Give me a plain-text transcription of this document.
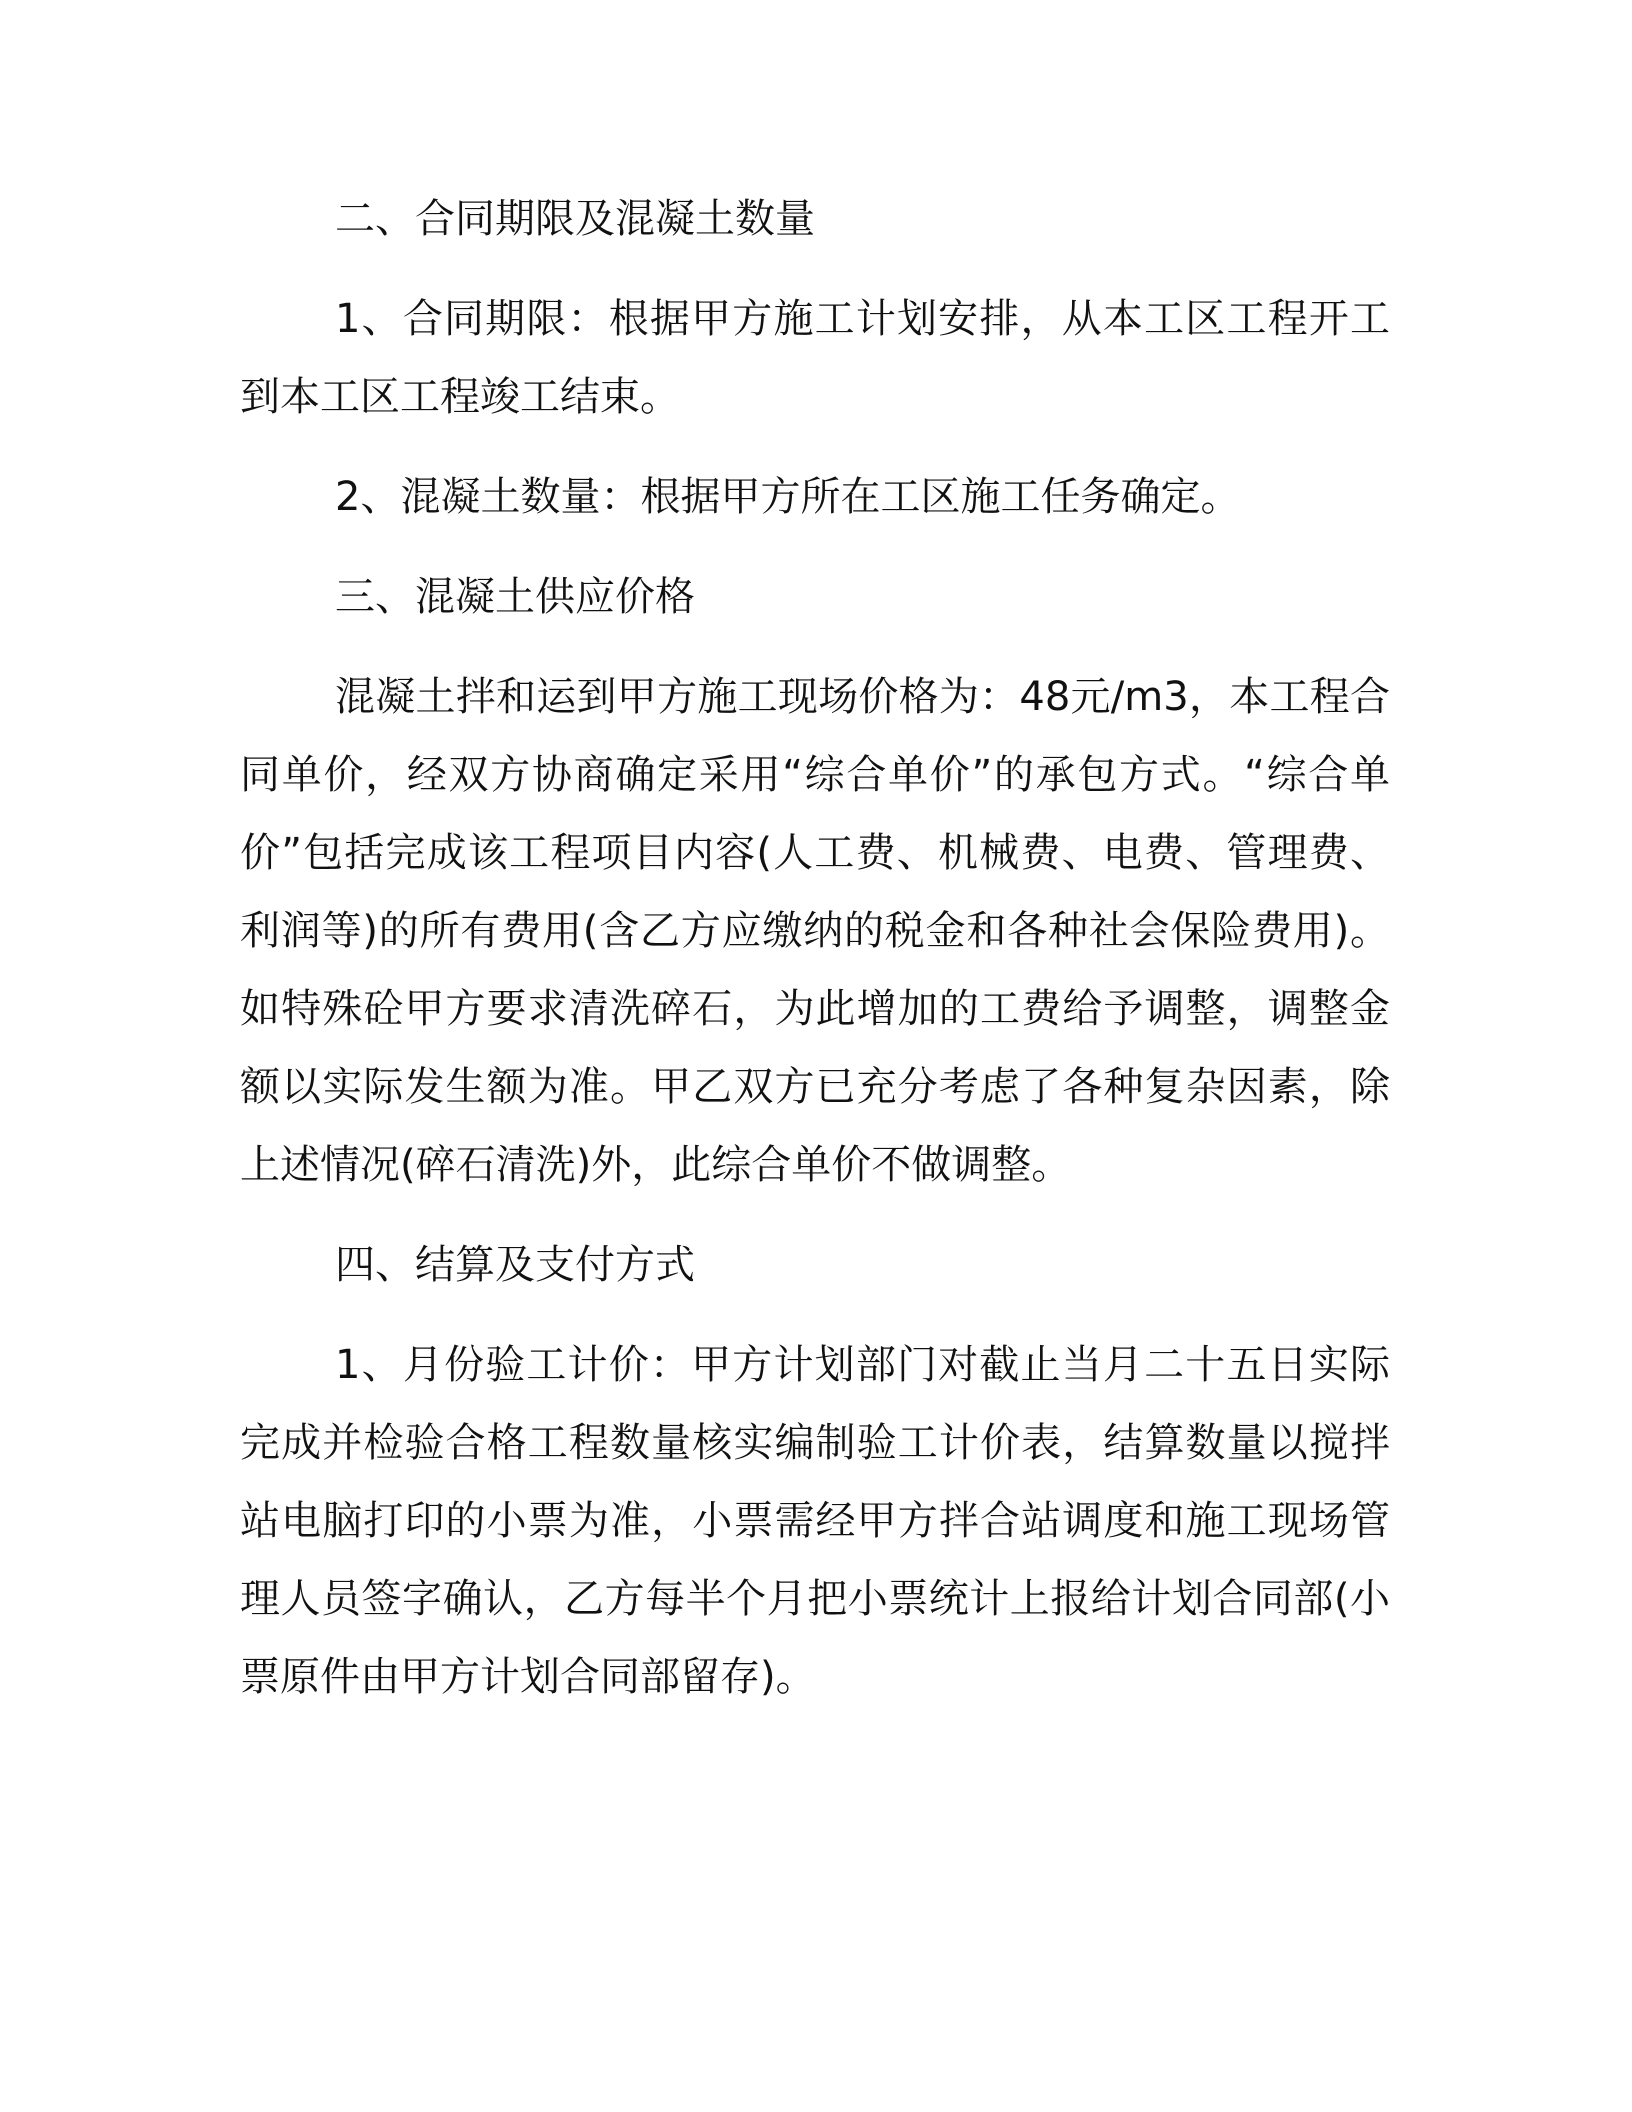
二、合同期限及混凝土数量

1、合同期限：根据甲方施工计划安排，从本工区工程开工到本工区工程竣工结束。

2、混凝土数量：根据甲方所在工区施工任务确定。

三、混凝土供应价格

混凝土拌和运到甲方施工现场价格为：48元/m3，本工程合同单价，经双方协商确定采用“综合单价”的承包方式。“综合单价”包括完成该工程项目内容(人工费、机械费、电费、管理费、利润等)的所有费用(含乙方应缴纳的税金和各种社会保险费用)。如特殊砼甲方要求清洗碎石，为此增加的工费给予调整，调整金额以实际发生额为准。甲乙双方已充分考虑了各种复杂因素，除上述情况(碎石清洗)外，此综合单价不做调整。

四、结算及支付方式

1、月份验工计价：甲方计划部门对截止当月二十五日实际完成并检验合格工程数量核实编制验工计价表，结算数量以搅拌站电脑打印的小票为准，小票需经甲方拌合站调度和施工现场管理人员签字确认，乙方每半个月把小票统计上报给计划合同部(小票原件由甲方计划合同部留存)。
